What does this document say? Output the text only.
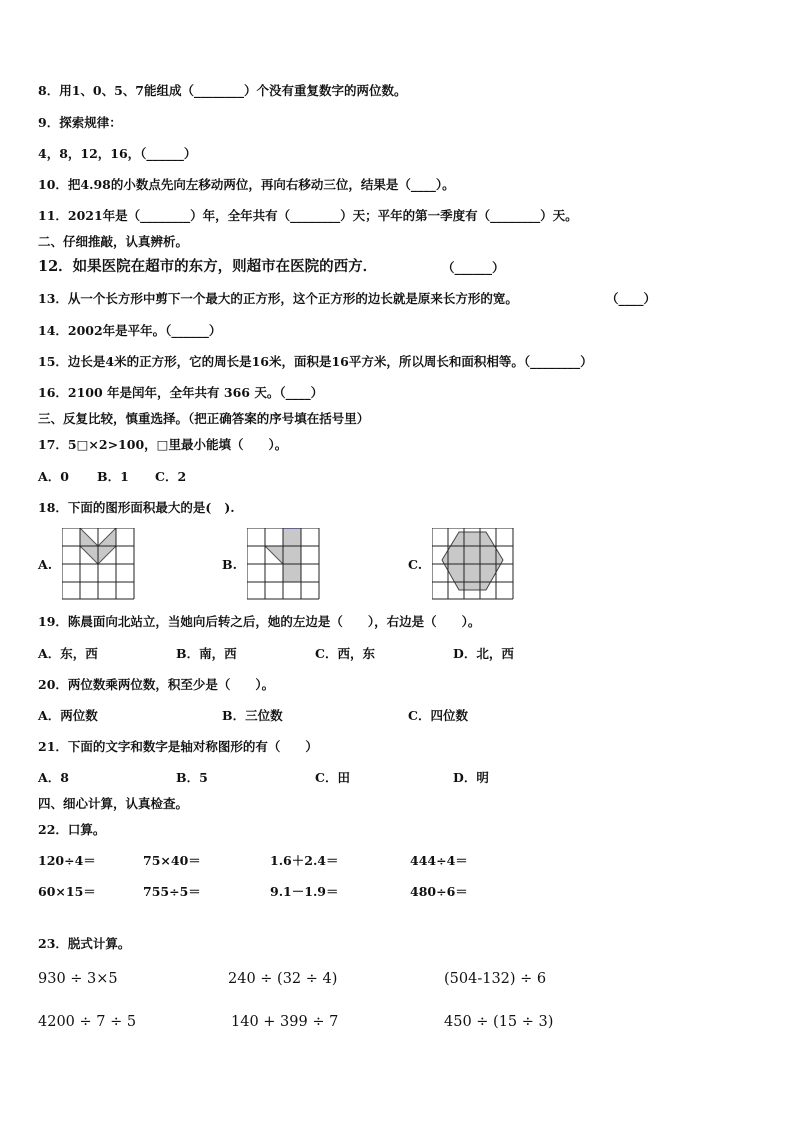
8．用1、0、5、7能组成（________）个没有重复数字的两位数。
9．探索规律：
4，8，12，16，（______）
10．把4.98的小数点先向左移动两位，再向右移动三位，结果是（____）。
11．2021年是（________）年，全年共有（________）天；平年的第一季度有（________）天。
二、仔细推敲，认真辨析。
12．如果医院在超市的东方，则超市在医院的西方．	（______）
13．从一个长方形中剪下一个最大的正方形，这个正方形的边长就是原来长方形的宽。	（____）
14．2002年是平年。（______）
15．边长是4米的正方形，它的周长是16米，面积是16平方米，所以周长和面积相等。（________）
16．2100 年是闰年，全年共有 366 天。（____）
三、反复比较，慎重选择。（把正确答案的序号填在括号里）
17．5□×2>100，□里最小能填（　　）。
A．0 B．1 C．2
18．下面的图形面积最大的是(   ).
A.	B.	C.
19．陈晨面向北站立，当她向后转之后，她的左边是（　　），右边是（　　）。
A．东，西	B．南，西	C．西，东	D．北，西
20．两位数乘两位数，积至少是（　　）。
A．两位数	B．三位数	C．四位数
21．下面的文字和数字是轴对称图形的有（　　）
A．8	B．5	C．田	D．明
四、细心计算，认真检查。
22．口算。
120÷4＝	75×40＝	1.6＋2.4＝	444÷4＝
60×15＝	755÷5＝	9.1－1.9＝	480÷6＝
23．脱式计算。
930 ÷ 3×5	240 ÷ (32 ÷ 4)	(504-132) ÷ 6
4200 ÷ 7 ÷ 5	140 + 399 ÷ 7	450 ÷ (15 ÷ 3)
